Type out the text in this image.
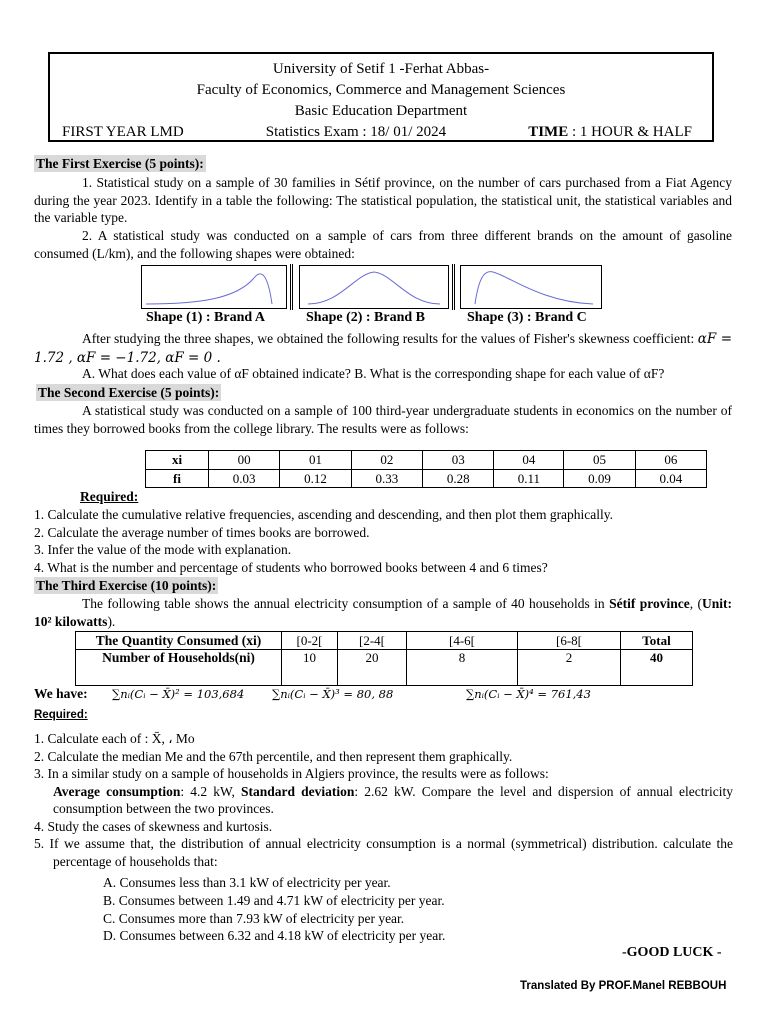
University of Setif 1 -Ferhat Abbas-
Faculty of Economics, Commerce and Management Sciences
Basic Education Department
FIRST YEAR LMD	Statistics Exam : 18/ 01/ 2024	TIME : 1 HOUR & HALF
The First Exercise (5 points):
1. Statistical study on a sample of 30 families in Sétif province, on the number of cars purchased from a Fiat Agency during the year 2023. Identify in a table the following: The statistical population, the statistical unit, the statistical variables and the variable type.
2. A statistical study was conducted on a sample of cars from three different brands on the amount of gasoline consumed (L/km), and the following shapes were obtained:
Shape (1) : Brand A	Shape (2) : Brand B	Shape (3) : Brand C
After studying the three shapes, we obtained the following results for the values of Fisher's skewness coefficient: αF = 1.72 , αF = −1.72, αF = 0 .
A. What does each value of αF obtained indicate? B. What is the corresponding shape for each value of αF?
The Second Exercise (5 points):
A statistical study was conducted on a sample of 100 third-year undergraduate students in economics on the number of times they borrowed books from the college library. The results were as follows:
xi	00	01	02	03	04	05	06
fi	0.03	0.12	0.33	0.28	0.11	0.09	0.04
Required:
1. Calculate the cumulative relative frequencies, ascending and descending, and then plot them graphically.
2. Calculate the average number of times books are borrowed.
3. Infer the value of the mode with explanation.
4. What is the number and percentage of students who borrowed books between 4 and 6 times?
The Third Exercise (10 points):
The following table shows the annual electricity consumption of a sample of 40 households in Sétif province, (Unit: 10² kilowatts).
The Quantity Consumed (xi)	[0-2[	[2-4[	[4-6[	[6-8[	Total
Number of Households(ni)	10	20	8	2	40
We have: ∑nᵢ(Cᵢ − X̄)² = 103,684 ∑nᵢ(Cᵢ − X̄)³ = 80, 88	∑nᵢ(Cᵢ − X̄)⁴ = 761,43
Required:
1. Calculate each of : X̄, ، Mo
2. Calculate the median Me and the 67th percentile, and then represent them graphically.
3. In a similar study on a sample of households in Algiers province, the results were as follows:
Average consumption: 4.2 kW, Standard deviation: 2.62 kW. Compare the level and dispersion of annual electricity consumption between the two provinces.
4. Study the cases of skewness and kurtosis.
5. If we assume that, the distribution of annual electricity consumption is a normal (symmetrical) distribution. calculate the percentage of households that:
A. Consumes less than 3.1 kW of electricity per year.
B. Consumes between 1.49 and 4.71 kW of electricity per year.
C. Consumes more than 7.93 kW of electricity per year.
D. Consumes between 6.32 and 4.18 kW of electricity per year.
-GOOD LUCK -
Translated By PROF.Manel REBBOUH
